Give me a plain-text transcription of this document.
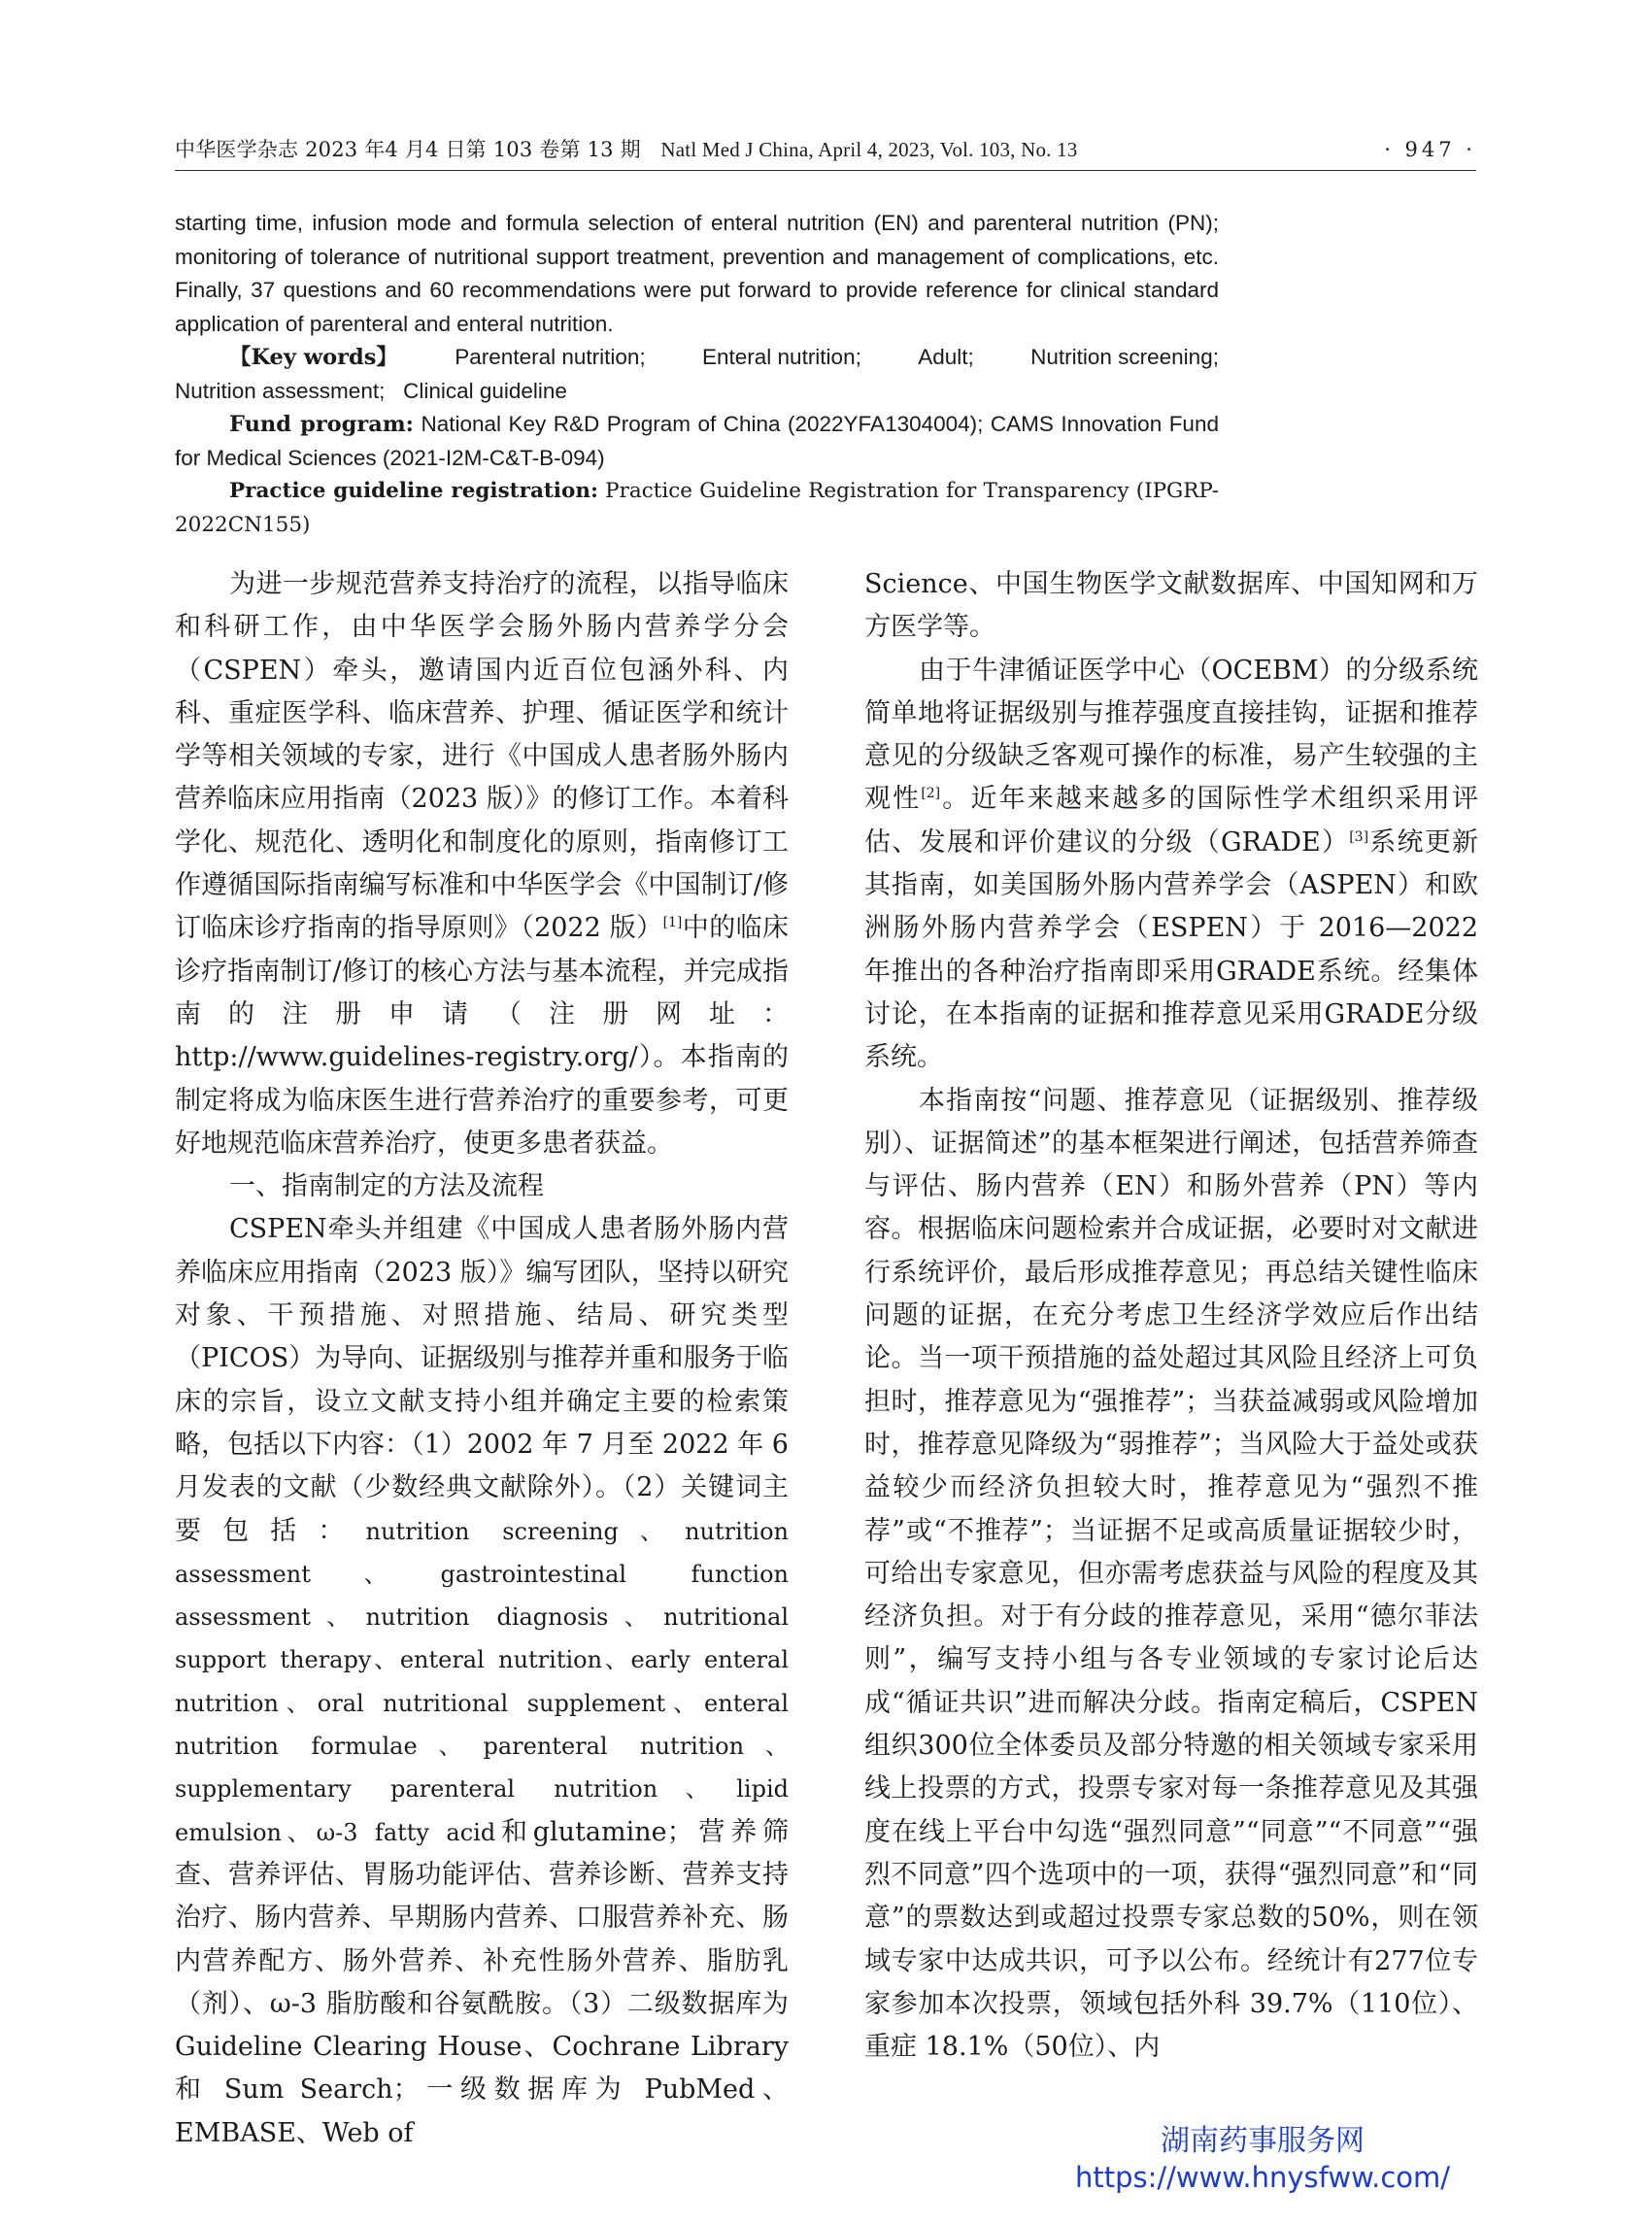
中华医学杂志 2023 年4 月4 日第 103 卷第 13 期 Natl Med J China, April 4, 2023, Vol. 103, No. 13	· 947 ·

starting time, infusion mode and formula selection of enteral nutrition (EN) and parenteral nutrition (PN); monitoring of tolerance of nutritional support treatment, prevention and management of complications, etc. Finally, 37 questions and 60 recommendations were put forward to provide reference for clinical standard application of parenteral and enteral nutrition.

【Key words】	Parenteral nutrition;	Enteral nutrition;	Adult;	Nutrition screening;

Nutrition assessment;   Clinical guideline

Fund program: National Key R&D Program of China (2022YFA1304004); CAMS Innovation Fund for Medical Sciences (2021-I2M-C&T-B-094)

Practice guideline registration: Practice Guideline Registration for Transparency (IPGRP-2022CN155)

为进一步规范营养支持治疗的流程，以指导临床和科研工作，由中华医学会肠外肠内营养学分会（CSPEN）牵头，邀请国内近百位包涵外科、内科、重症医学科、临床营养、护理、循证医学和统计学等相关领域的专家，进行《中国成人患者肠外肠内营养临床应用指南（2023 版）》的修订工作。本着科学化、规范化、透明化和制度化的原则，指南修订工作遵循国际指南编写标准和中华医学会《中国制订/修订临床诊疗指南的指导原则》（2022 版）[1]中的临床诊疗指南制订/修订的核心方法与基本流程，并完成指南的注册申请（注册网址：http://www.guidelines-registry.org/）。本指南的制定将成为临床医生进行营养治疗的重要参考，可更好地规范临床营养治疗，使更多患者获益。

一、指南制定的方法及流程

CSPEN牵头并组建《中国成人患者肠外肠内营养临床应用指南（2023 版）》编写团队，坚持以研究对象、干预措施、对照措施、结局、研究类型（PICOS）为导向、证据级别与推荐并重和服务于临床的宗旨，设立文献支持小组并确定主要的检索策略，包括以下内容：（1）2002 年 7 月至 2022 年 6 月发表的文献（少数经典文献除外）。（2）关键词主要包括：nutrition screening、nutrition assessment、gastrointestinal function assessment、nutrition diagnosis、nutritional support therapy、enteral nutrition、early enteral nutrition、oral nutritional supplement、enteral nutrition formulae、parenteral nutrition、supplementary parenteral nutrition、lipid emulsion、ω-3 fatty acid和glutamine；营养筛查、营养评估、胃肠功能评估、营养诊断、营养支持治疗、肠内营养、早期肠内营养、口服营养补充、肠内营养配方、肠外营养、补充性肠外营养、脂肪乳（剂）、ω-3 脂肪酸和谷氨酰胺。（3）二级数据库为 Guideline Clearing House、Cochrane Library 和 Sum Search；一级数据库为 PubMed、EMBASE、Web of

Science、中国生物医学文献数据库、中国知网和万方医学等。

由于牛津循证医学中心（OCEBM）的分级系统简单地将证据级别与推荐强度直接挂钩，证据和推荐意见的分级缺乏客观可操作的标准，易产生较强的主观性[2]。近年来越来越多的国际性学术组织采用评估、发展和评价建议的分级（GRADE）[3]系统更新其指南，如美国肠外肠内营养学会（ASPEN）和欧洲肠外肠内营养学会（ESPEN）于 2016—2022 年推出的各种治疗指南即采用GRADE系统。经集体讨论，在本指南的证据和推荐意见采用GRADE分级系统。

本指南按“问题、推荐意见（证据级别、推荐级别）、证据简述”的基本框架进行阐述，包括营养筛查与评估、肠内营养（EN）和肠外营养（PN）等内容。根据临床问题检索并合成证据，必要时对文献进行系统评价，最后形成推荐意见；再总结关键性临床问题的证据，在充分考虑卫生经济学效应后作出结论。当一项干预措施的益处超过其风险且经济上可负担时，推荐意见为“强推荐”；当获益减弱或风险增加时，推荐意见降级为“弱推荐”；当风险大于益处或获益较少而经济负担较大时，推荐意见为“强烈不推荐”或“不推荐”；当证据不足或高质量证据较少时，可给出专家意见，但亦需考虑获益与风险的程度及其经济负担。对于有分歧的推荐意见，采用“德尔菲法则”，编写支持小组与各专业领域的专家讨论后达成“循证共识”进而解决分歧。指南定稿后，CSPEN组织300位全体委员及部分特邀的相关领域专家采用线上投票的方式，投票专家对每一条推荐意见及其强度在线上平台中勾选“强烈同意”“同意”“不同意”“强烈不同意”四个选项中的一项，获得“强烈同意”和“同意”的票数达到或超过投票专家总数的50%，则在领域专家中达成共识，可予以公布。经统计有277位专家参加本次投票，领域包括外科 39.7%（110位）、重症 18.1%（50位）、内

湖南药事服务网
https://www.hnysfww.com/
